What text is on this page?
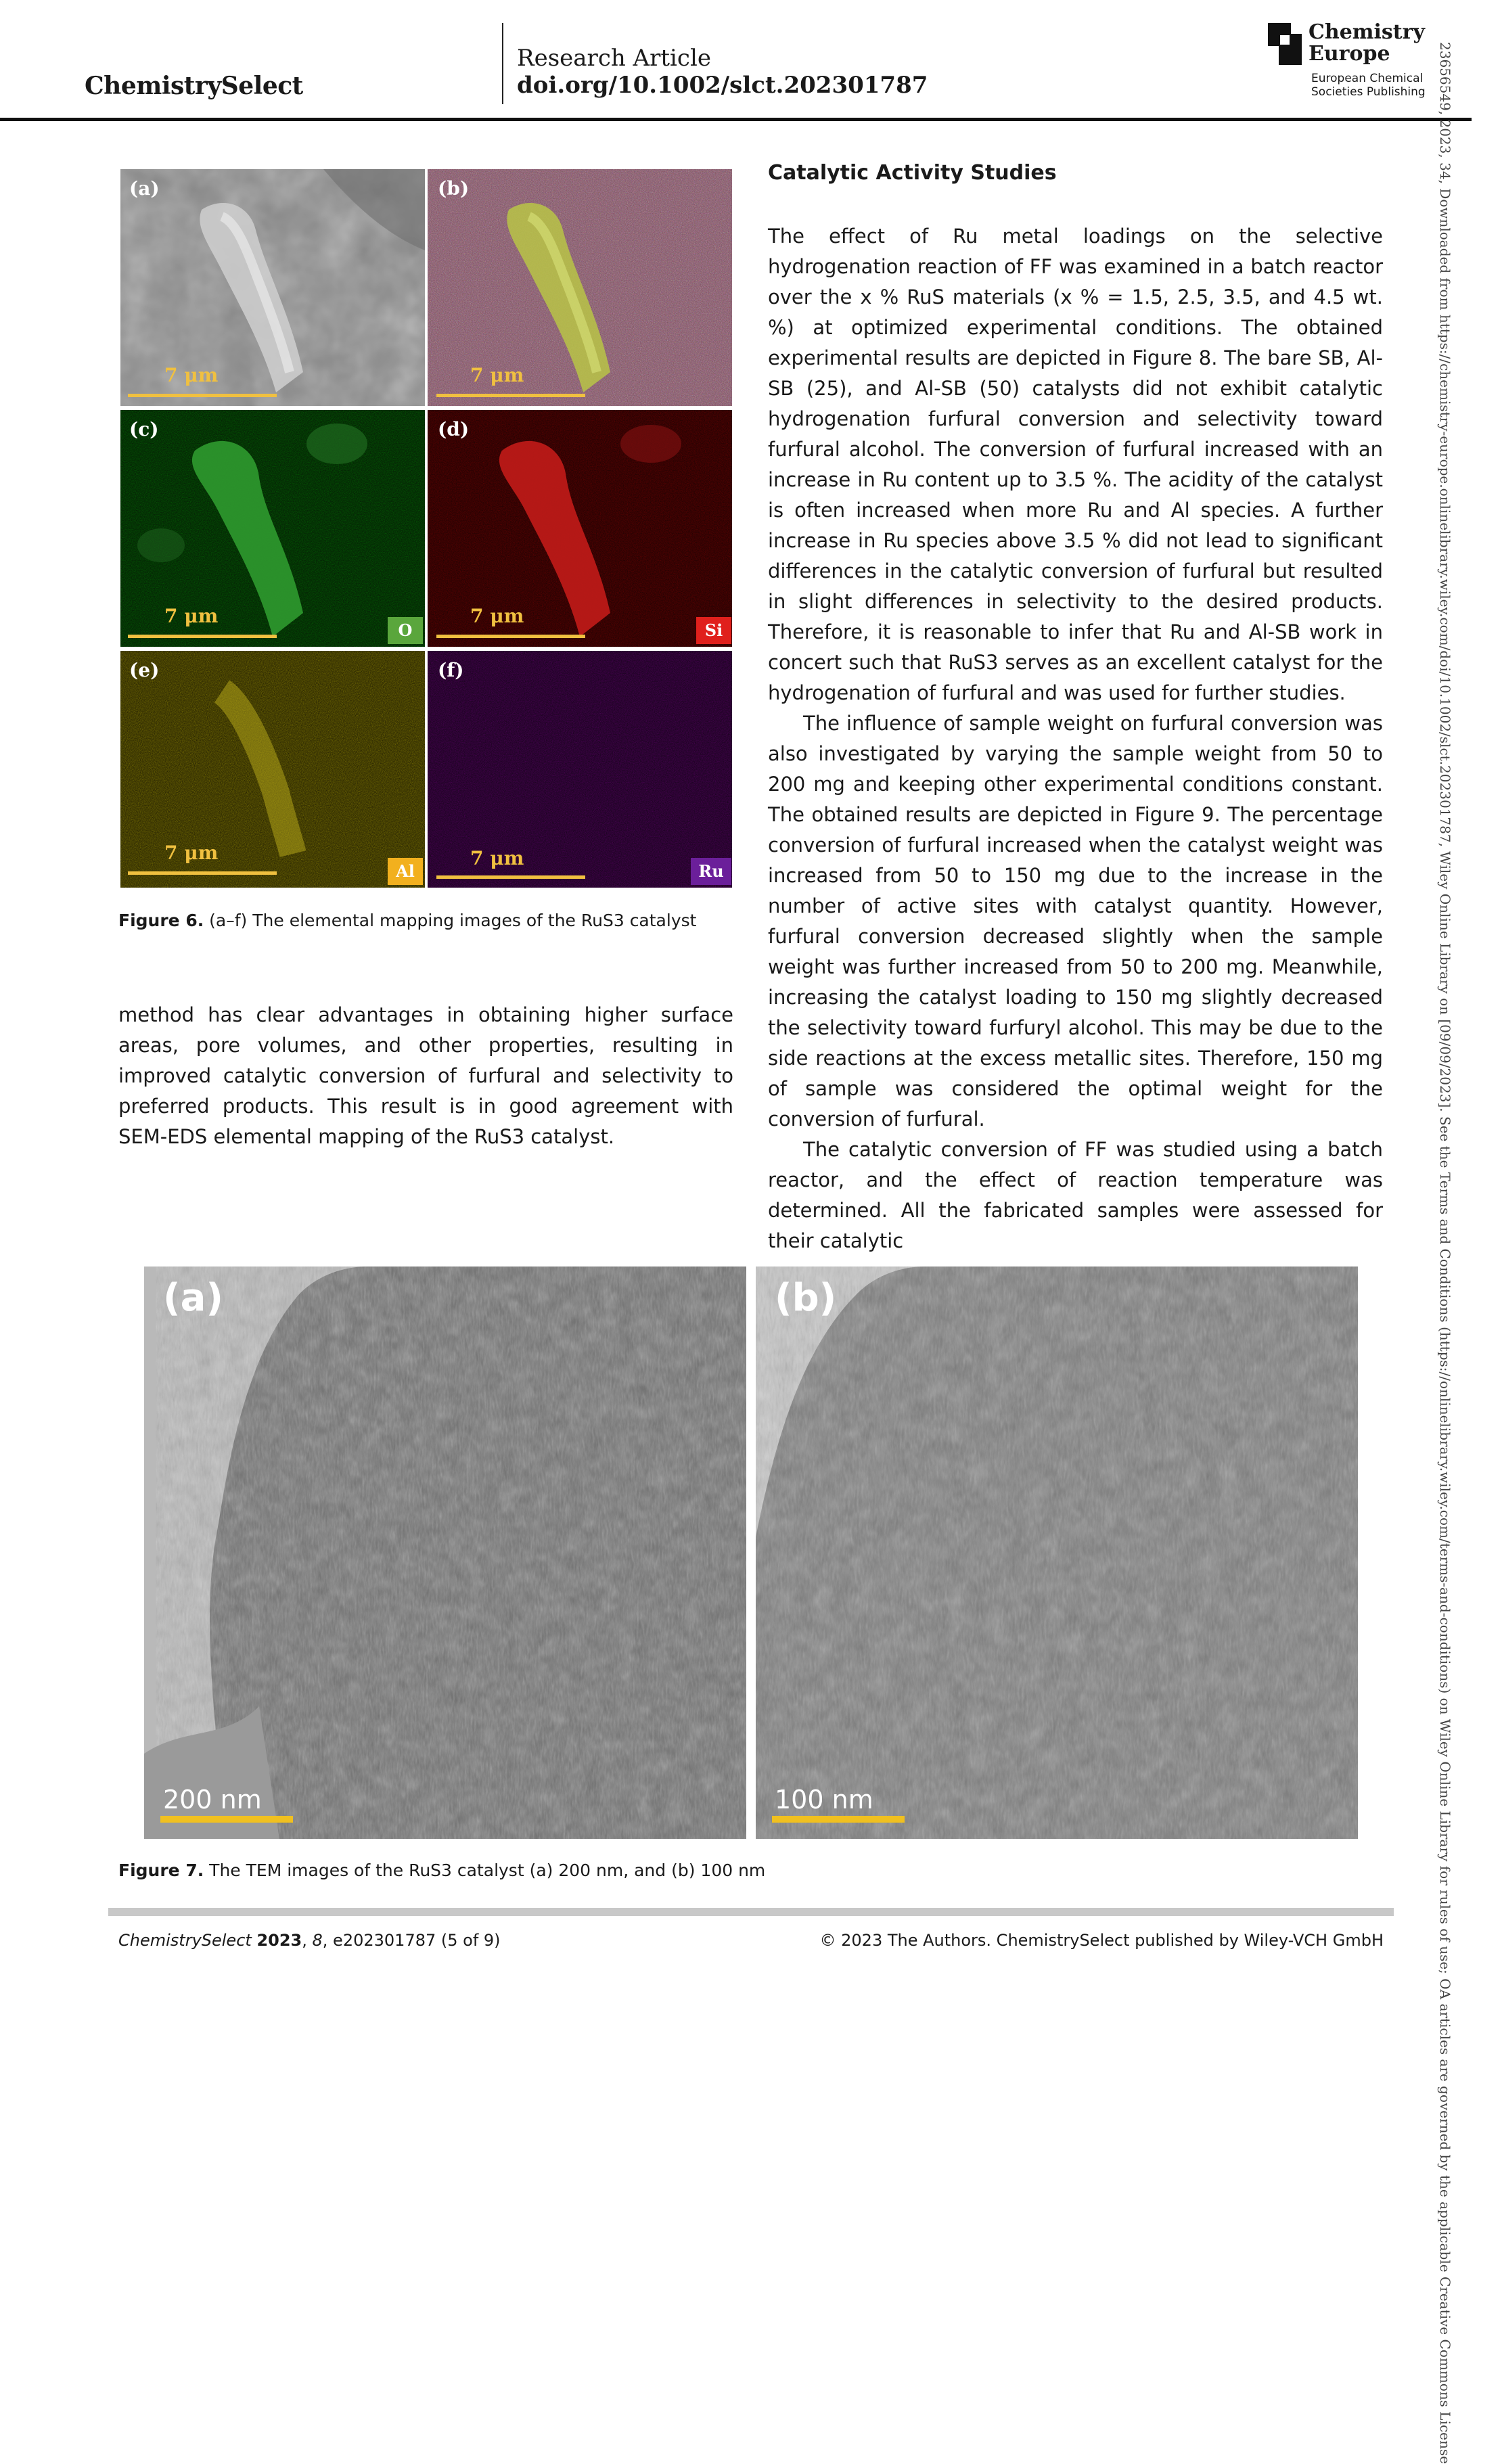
ChemistrySelect
Research Article
doi.org/10.1002/slct.202301787
Chemistry
Europe
European Chemical
Societies Publishing 23656549, 2023, 34, Downloaded from https://chemistry-europe.onlinelibrary.wiley.com/doi/10.1002/slct.202301787, Wiley Online Library on [09/09/2023]. See the Terms and Conditions (https://onlinelibrary.wiley.com/terms-and-conditions) on Wiley Online Library for rules of use; OA articles are governed by the applicable Creative Commons License
(a)	(b)
(c)	(d)
(e)	(f)
7 μm	7 μm
7 μm	7 μm
7 μm	7 μm
O	Si
Al	Ru
Figure 6. (a–f) The elemental mapping images of the RuS3 catalyst
Catalytic Activity Studies
The effect of Ru metal loadings on the selective hydrogenation reaction of FF was examined in a batch reactor over the x % RuS materials (x % = 1.5, 2.5, 3.5, and 4.5 wt. %) at optimized experimental conditions. The obtained experimental results are depicted in Figure 8. The bare SB, Al-SB (25), and Al-SB (50) catalysts did not exhibit catalytic hydrogenation furfural conversion and selectivity toward furfural alcohol. The conversion of furfural increased with an increase in Ru content up to 3.5 %. The acidity of the catalyst is often increased when more Ru and Al species. A further increase in Ru species above 3.5 % did not lead to significant differences in the catalytic conversion of furfural but resulted in slight differences in selectivity to the desired products. Therefore, it is reasonable to infer that Ru and Al-SB work in concert such that RuS3 serves as an excellent catalyst for the hydrogenation of furfural and was used for further studies.
The influence of sample weight on furfural conversion was also investigated by varying the sample weight from 50 to 200 mg and keeping other experimental conditions constant. The obtained results are depicted in Figure 9. The percentage conversion of furfural increased when the catalyst weight was increased from 50 to 150 mg due to the increase in the number of active sites with catalyst quantity. However, furfural conversion decreased slightly when the sample weight was further increased from 50 to 200 mg. Meanwhile, increasing the catalyst loading to 150 mg slightly decreased the selectivity toward furfuryl alcohol. This may be due to the side reactions at the excess metallic sites. Therefore, 150 mg of sample was considered the optimal weight for the conversion of furfural.
The catalytic conversion of FF was studied using a batch reactor, and the effect of reaction temperature was determined. All the fabricated samples were assessed for their catalytic
method has clear advantages in obtaining higher surface areas, pore volumes, and other properties, resulting in improved catalytic conversion of furfural and selectivity to preferred products. This result is in good agreement with SEM-EDS elemental mapping of the RuS3 catalyst.
(a)	(b)
200 nm	100 nm
Figure 7. The TEM images of the RuS3 catalyst (a) 200 nm, and (b) 100 nm
ChemistrySelect 2023, 8, e202301787 (5 of 9)	© 2023 The Authors. ChemistrySelect published by Wiley-VCH GmbH
